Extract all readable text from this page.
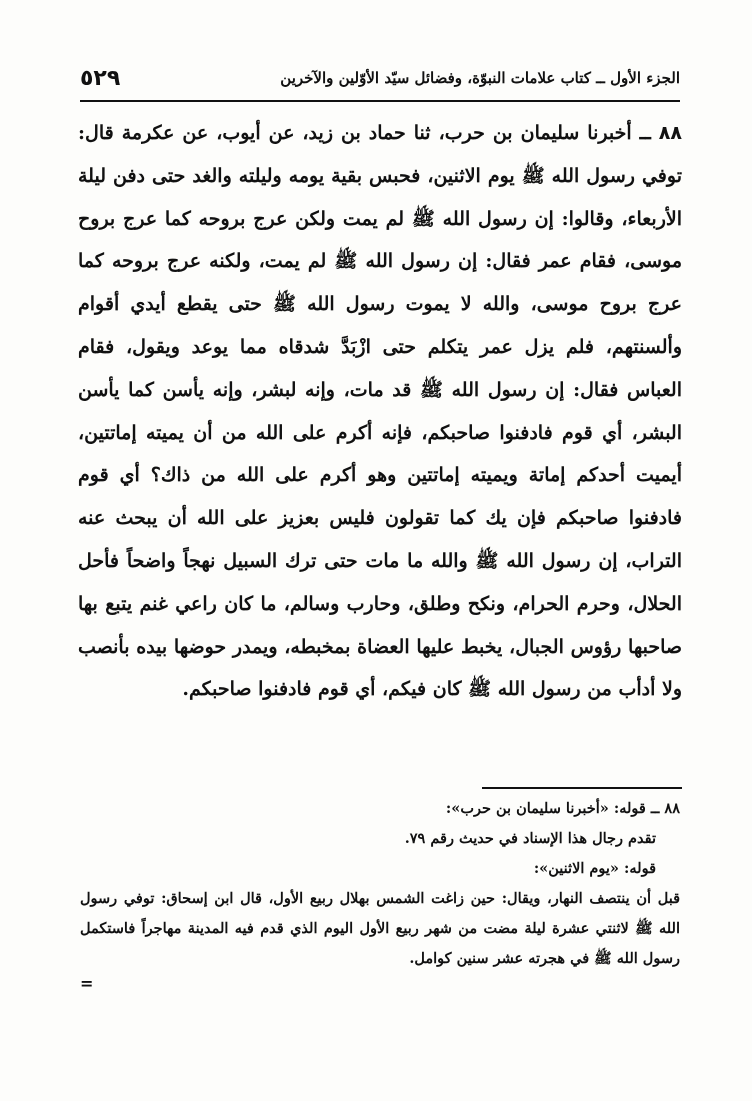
٥٢٩	الجزء الأول ــ كتاب علامات النبوّة، وفضائل سيّد الأوّلين والآخرين

٨٨ ــ أخبرنا سليمان بن حرب، ثنا حماد بن زيد، عن أيوب، عن عكرمة قال: توفي رسول الله ﷺ يوم الاثنين، فحبس بقية يومه وليلته والغد حتى دفن ليلة الأربعاء، وقالوا: إن رسول الله ﷺ لم يمت ولكن عرج بروحه كما عرج بروح موسى، فقام عمر فقال: إن رسول الله ﷺ لم يمت، ولكنه عرج بروحه كما عرج بروح موسى، والله لا يموت رسول الله ﷺ حتى يقطع أيدي أقوام وألسنتهم، فلم يزل عمر يتكلم حتى ازْبَدَّ شدقاه مما يوعد ويقول، فقام العباس فقال: إن رسول الله ﷺ قد مات، وإنه لبشر، وإنه يأسن كما يأسن البشر، أي قوم فادفنوا صاحبكم، فإنه أكرم على الله من أن يميته إماتتين، أيميت أحدكم إماتة ويميته إماتتين وهو أكرم على الله من ذاك؟ أي قوم فادفنوا صاحبكم فإن يك كما تقولون فليس بعزيز على الله أن يبحث عنه التراب، إن رسول الله ﷺ والله ما مات حتى ترك السبيل نهجاً واضحاً فأحل الحلال، وحرم الحرام، ونكح وطلق، وحارب وسالم، ما كان راعي غنم يتبع بها صاحبها رؤوس الجبال، يخبط عليها العضاة بمخبطه، ويمدر حوضها بيده بأنصب ولا أدأب من رسول الله ﷺ كان فيكم، أي قوم فادفنوا صاحبكم.

٨٨ ــ قوله: «أخبرنا سليمان بن حرب»:

تقدم رجال هذا الإسناد في حديث رقم ٧٩.

قوله: «يوم الاثنين»:

قبل أن ينتصف النهار، ويقال: حين زاغت الشمس بهلال ربيع الأول، قال ابن إسحاق: توفي رسول الله ﷺ لاثنتي عشرة ليلة مضت من شهر ربيع الأول اليوم الذي قدم فيه المدينة مهاجراً فاستكمل رسول الله ﷺ في هجرته عشر سنين كوامل.

=
